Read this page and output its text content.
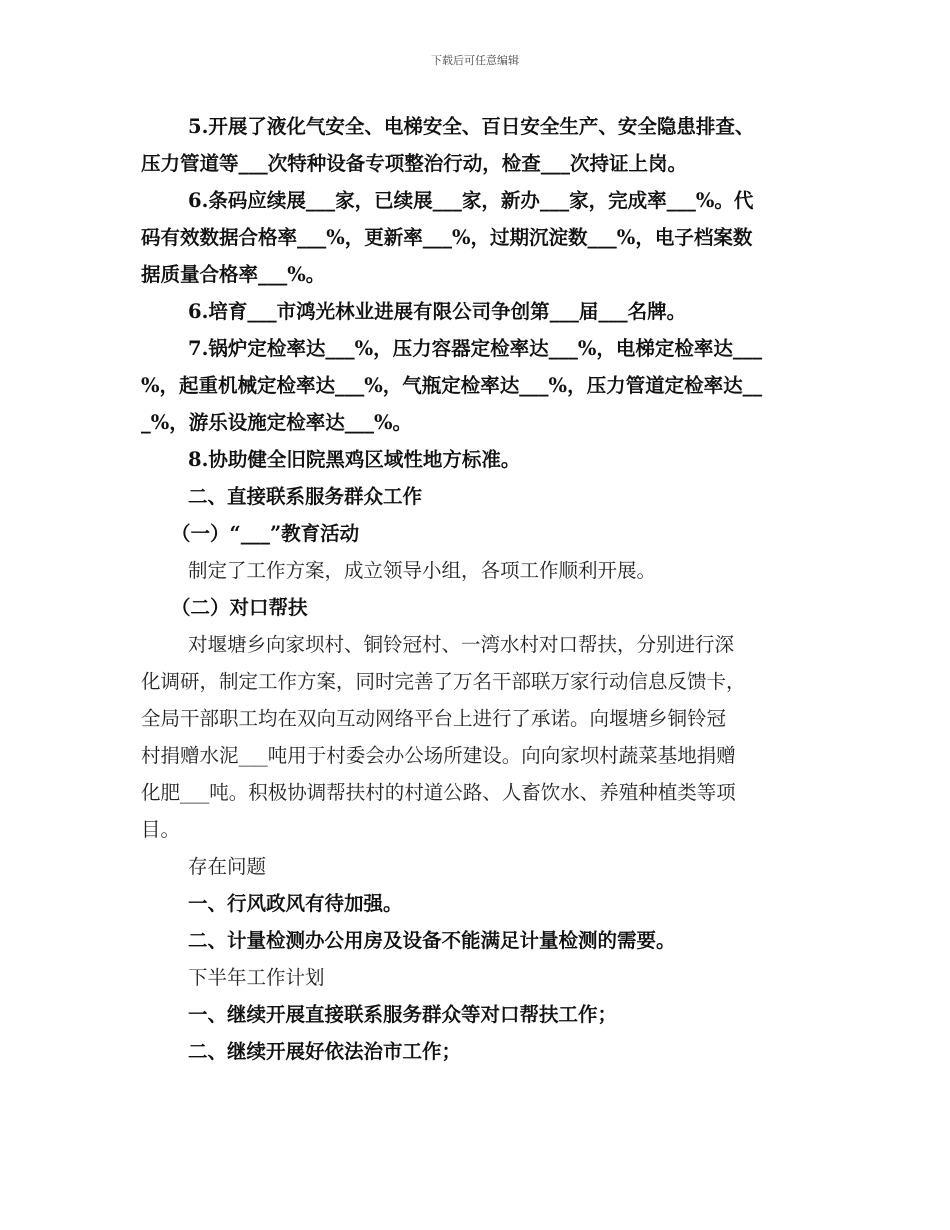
下载后可任意编辑

5.开展了液化气安全、电梯安全、百日安全生产、安全隐患排查、

压力管道等___次特种设备专项整治行动，检查___次持证上岗。

6.条码应续展___家，已续展___家，新办___家，完成率___%。代

码有效数据合格率___%，更新率___%，过期沉淀数___%，电子档案数

据质量合格率___%。

6.培育___市鸿光林业进展有限公司争创第___届___名牌。

7.锅炉定检率达___%，压力容器定检率达___%，电梯定检率达___

%，起重机械定检率达___%，气瓶定检率达___%，压力管道定检率达__

_%，游乐设施定检率达___%。

8.协助健全旧院黑鸡区域性地方标准。

二、直接联系服务群众工作

（一）“___”教育活动

制定了工作方案，成立领导小组，各项工作顺利开展。

（二）对口帮扶

对堰塘乡向家坝村、铜铃冠村、一湾水村对口帮扶，分别进行深

化调研，制定工作方案，同时完善了万名干部联万家行动信息反馈卡，

全局干部职工均在双向互动网络平台上进行了承诺。向堰塘乡铜铃冠

村捐赠水泥___吨用于村委会办公场所建设。向向家坝村蔬菜基地捐赠

化肥___吨。积极协调帮扶村的村道公路、人畜饮水、养殖种植类等项

目。

存在问题

一、行风政风有待加强。

二、计量检测办公用房及设备不能满足计量检测的需要。

下半年工作计划

一、继续开展直接联系服务群众等对口帮扶工作；

二、继续开展好依法治市工作；
